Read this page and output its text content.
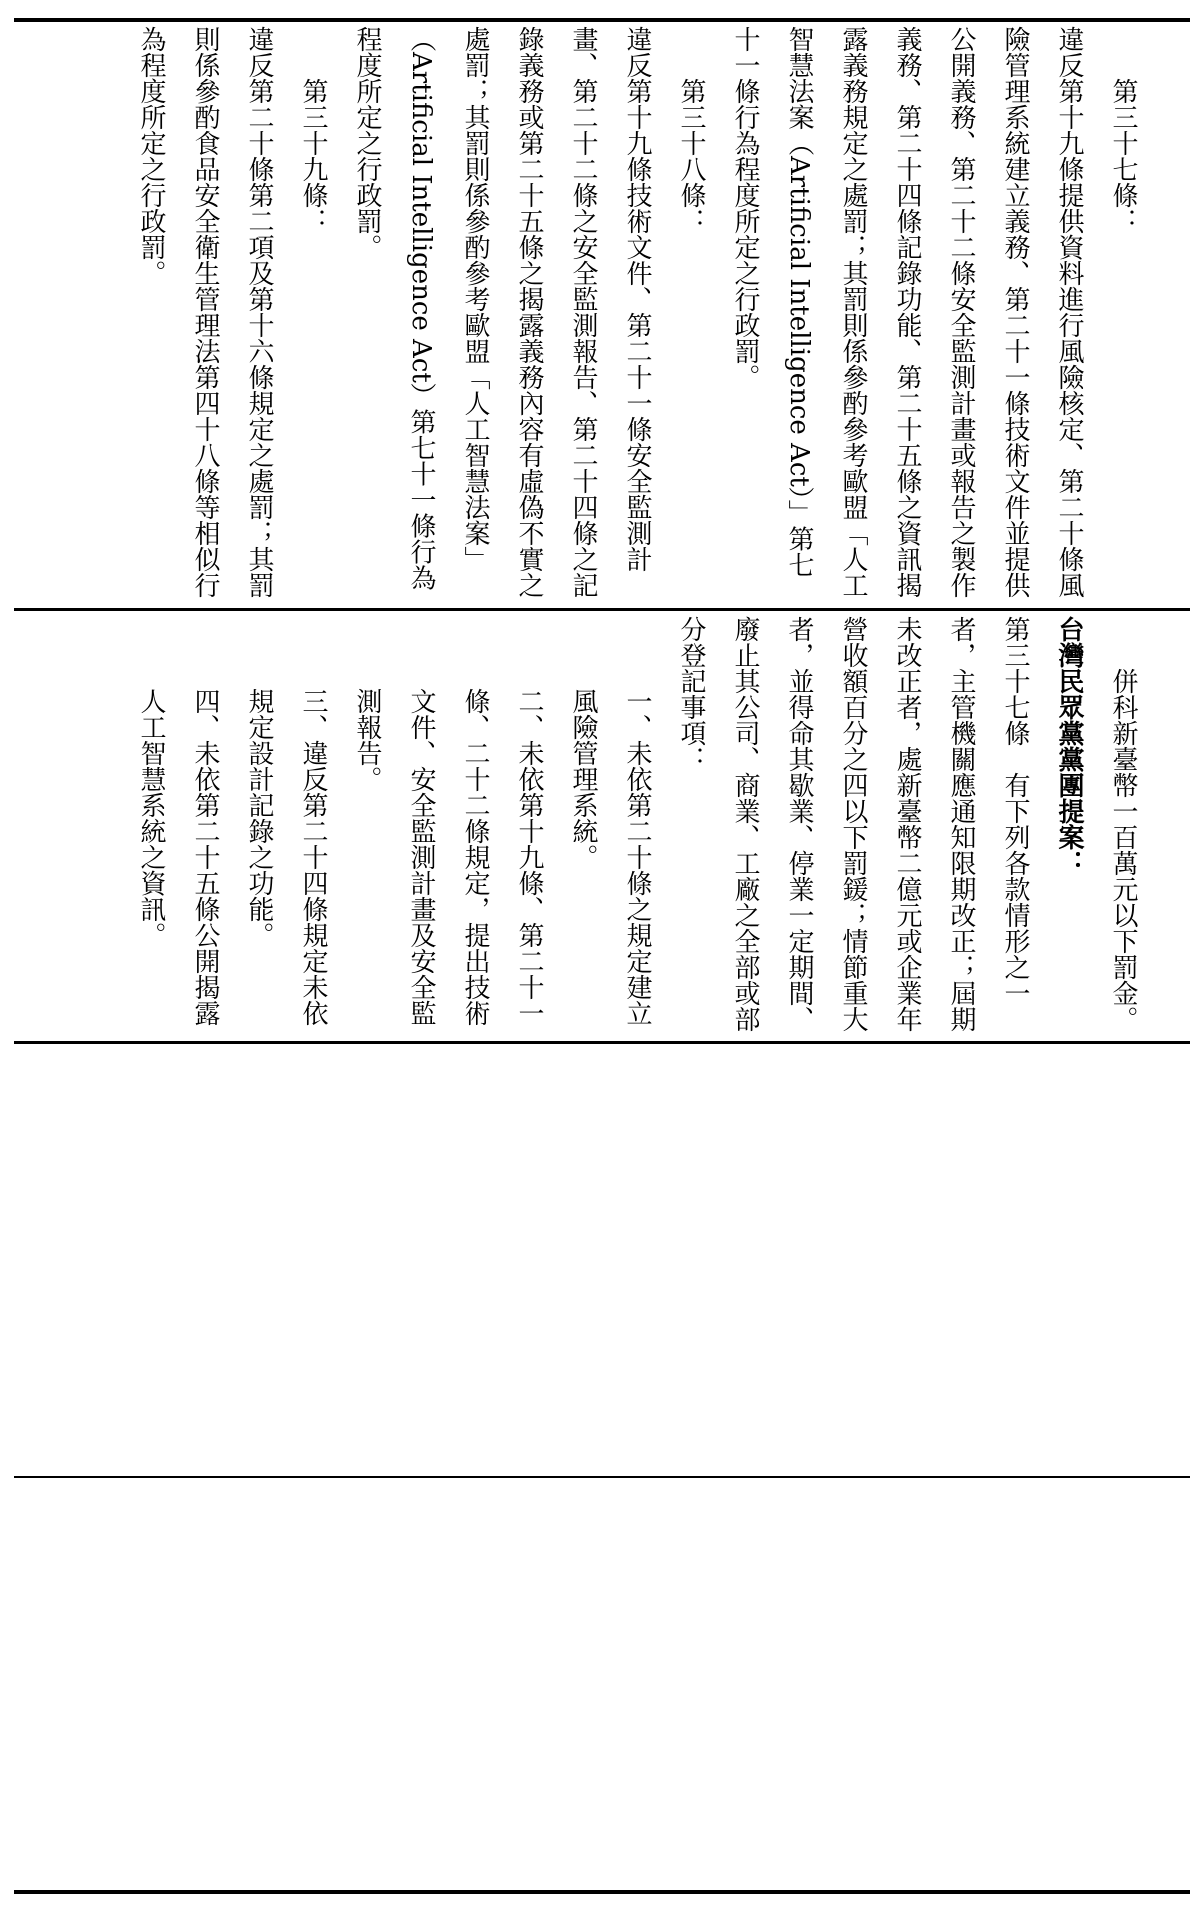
第三十七條：

違反第十九條提供資料進行風險核定、第二十條風險管理系統建立義務、第二十一條技術文件並提供公開義務、第二十二條安全監測計畫或報告之製作義務、第二十四條記錄功能、第二十五條之資訊揭露義務規定之處罰；其罰則係參酌參考歐盟「人工智慧法案（Artificial Intelligence Act）」第七十一條行為程度所定之行政罰。

第三十八條：

違反第十九條技術文件、第二十一條安全監測計畫、第二十二條之安全監測報告、第二十四條之記錄義務或第二十五條之揭露義務內容有虛偽不實之處罰；其罰則係參酌參考歐盟「人工智慧法案」（Artificial Intelligence Act）第七十一條行為程度所定之行政罰。

第三十九條：

違反第二十條第二項及第十六條規定之處罰；其罰則係參酌食品安全衛生管理法第四十八條等相似行為程度所定之行政罰。

併科新臺幣一百萬元以下罰金。

台灣民眾黨黨團提案：

第三十七條　有下列各款情形之一者，主管機關應通知限期改正；屆期未改正者，處新臺幣二億元或企業年營收額百分之四以下罰鍰；情節重大者，並得命其歇業、停業一定期間、廢止其公司、商業、工廠之全部或部分登記事項：

一、未依第二十條之規定建立風險管理系統。

二、未依第十九條、第二十一條、二十二條規定，提出技術文件、安全監測計畫及安全監測報告。

三、違反第二十四條規定未依規定設計記錄之功能。

四、未依第二十五條公開揭露人工智慧系統之資訊。
